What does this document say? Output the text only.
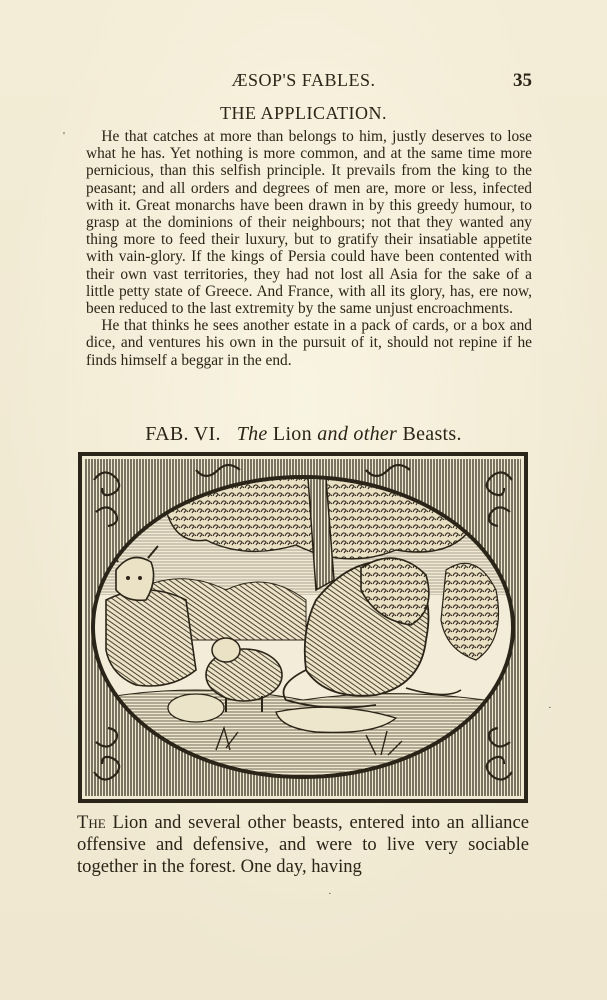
ÆSOP'S FABLES.	35
THE APPLICATION.

He that catches at more than belongs to him, justly deserves to lose what he has. Yet nothing is more common, and at the same time more pernicious, than this selfish principle. It prevails from the king to the peasant; and all orders and degrees of men are, more or less, infected with it. Great monarchs have been drawn in by this greedy humour, to grasp at the dominions of their neighbours; not that they wanted any thing more to feed their luxury, but to gratify their insatiable appetite with vain-glory. If the kings of Persia could have been contented with their own vast territories, they had not lost all Asia for the sake of a little petty state of Greece. And France, with all its glory, has, ere now, been reduced to the last extremity by the same unjust encroachments.

He that thinks he sees another estate in a pack of cards, or a box and dice, and ventures his own in the pursuit of it, should not repine if he finds himself a beggar in the end.

FAB. VI. The Lion and other Beasts.

The Lion and several other beasts, entered into an alliance offensive and defensive, and were to live very sociable together in the forest. One day, having

'
·
·
